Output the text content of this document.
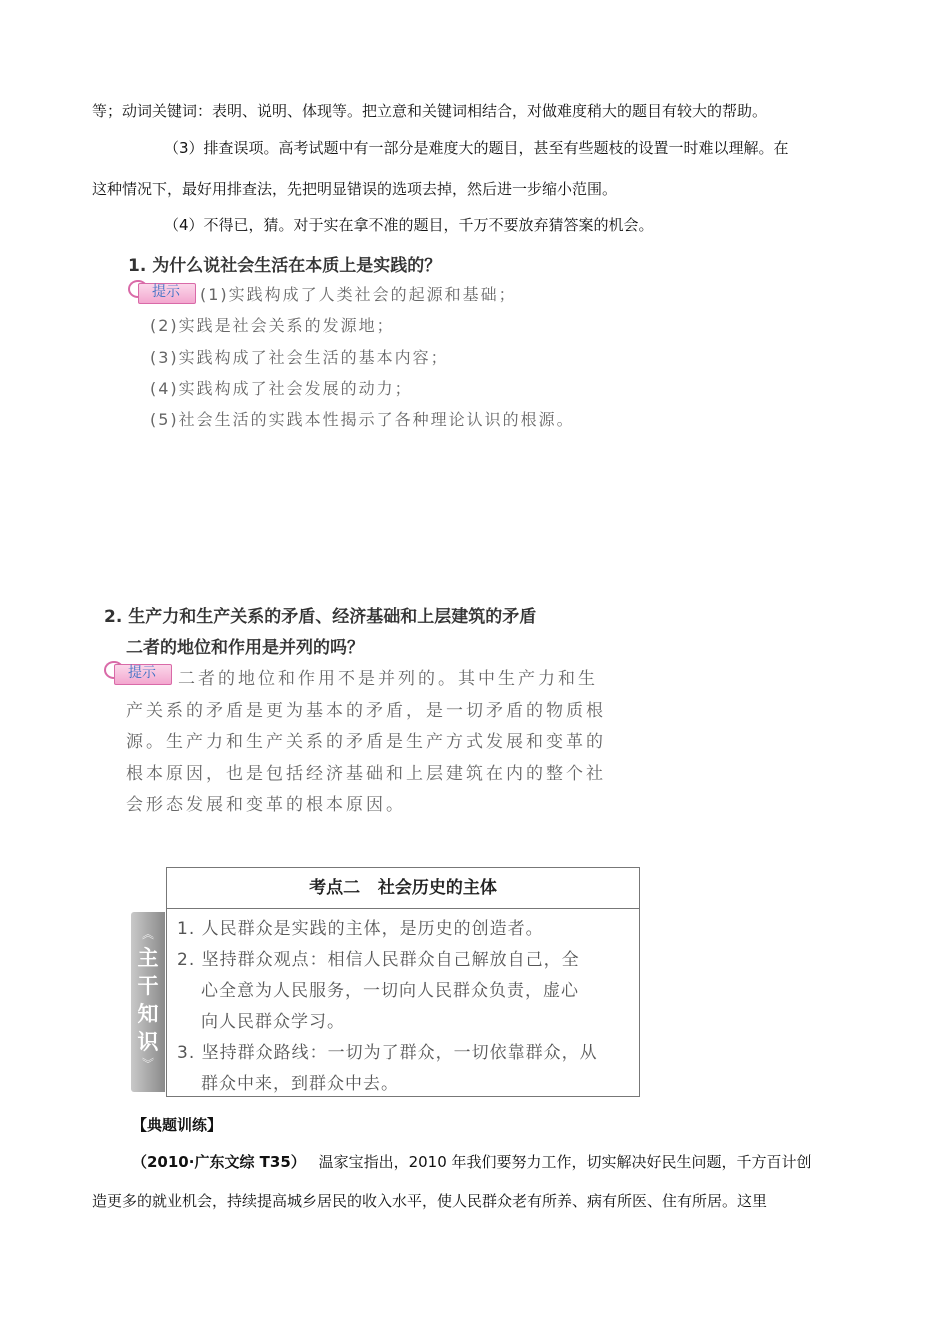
等；动词关键词：表明、说明、体现等。把立意和关键词相结合，对做难度稍大的题目有较大的帮助。
（3）排查误项。高考试题中有一部分是难度大的题目，甚至有些题枝的设置一时难以理解。在
这种情况下，最好用排查法，先把明显错误的选项去掉，然后进一步缩小范围。
（4）不得已，猜。对于实在拿不准的题目，千万不要放弃猜答案的机会。
1. 为什么说社会生活在本质上是实践的？
提示	(1)实践构成了人类社会的起源和基础；
(2)实践是社会关系的发源地；
(3)实践构成了社会生活的基本内容；
(4)实践构成了社会发展的动力；
(5)社会生活的实践本性揭示了各种理论认识的根源。
2. 生产力和生产关系的矛盾、经济基础和上层建筑的矛盾
二者的地位和作用是并列的吗？
提示	二者的地位和作用不是并列的。其中生产力和生
产关系的矛盾是更为基本的矛盾，是一切矛盾的物质根
源。生产力和生产关系的矛盾是生产方式发展和变革的
根本原因，也是包括经济基础和上层建筑在内的整个社
会形态发展和变革的根本原因。
︽
主
干
知
识
︾
考点二   社会历史的主体
1. 人民群众是实践的主体，是历史的创造者。
2. 坚持群众观点：相信人民群众自己解放自己，全
心全意为人民服务，一切向人民群众负责，虚心
向人民群众学习。
3. 坚持群众路线：一切为了群众，一切依靠群众，从
群众中来，到群众中去。
【典题训练】
（2010·广东文综 T35） 温家宝指出，2010 年我们要努力工作，切实解决好民生问题，千方百计创
造更多的就业机会，持续提高城乡居民的收入水平，使人民群众老有所养、病有所医、住有所居。这里
